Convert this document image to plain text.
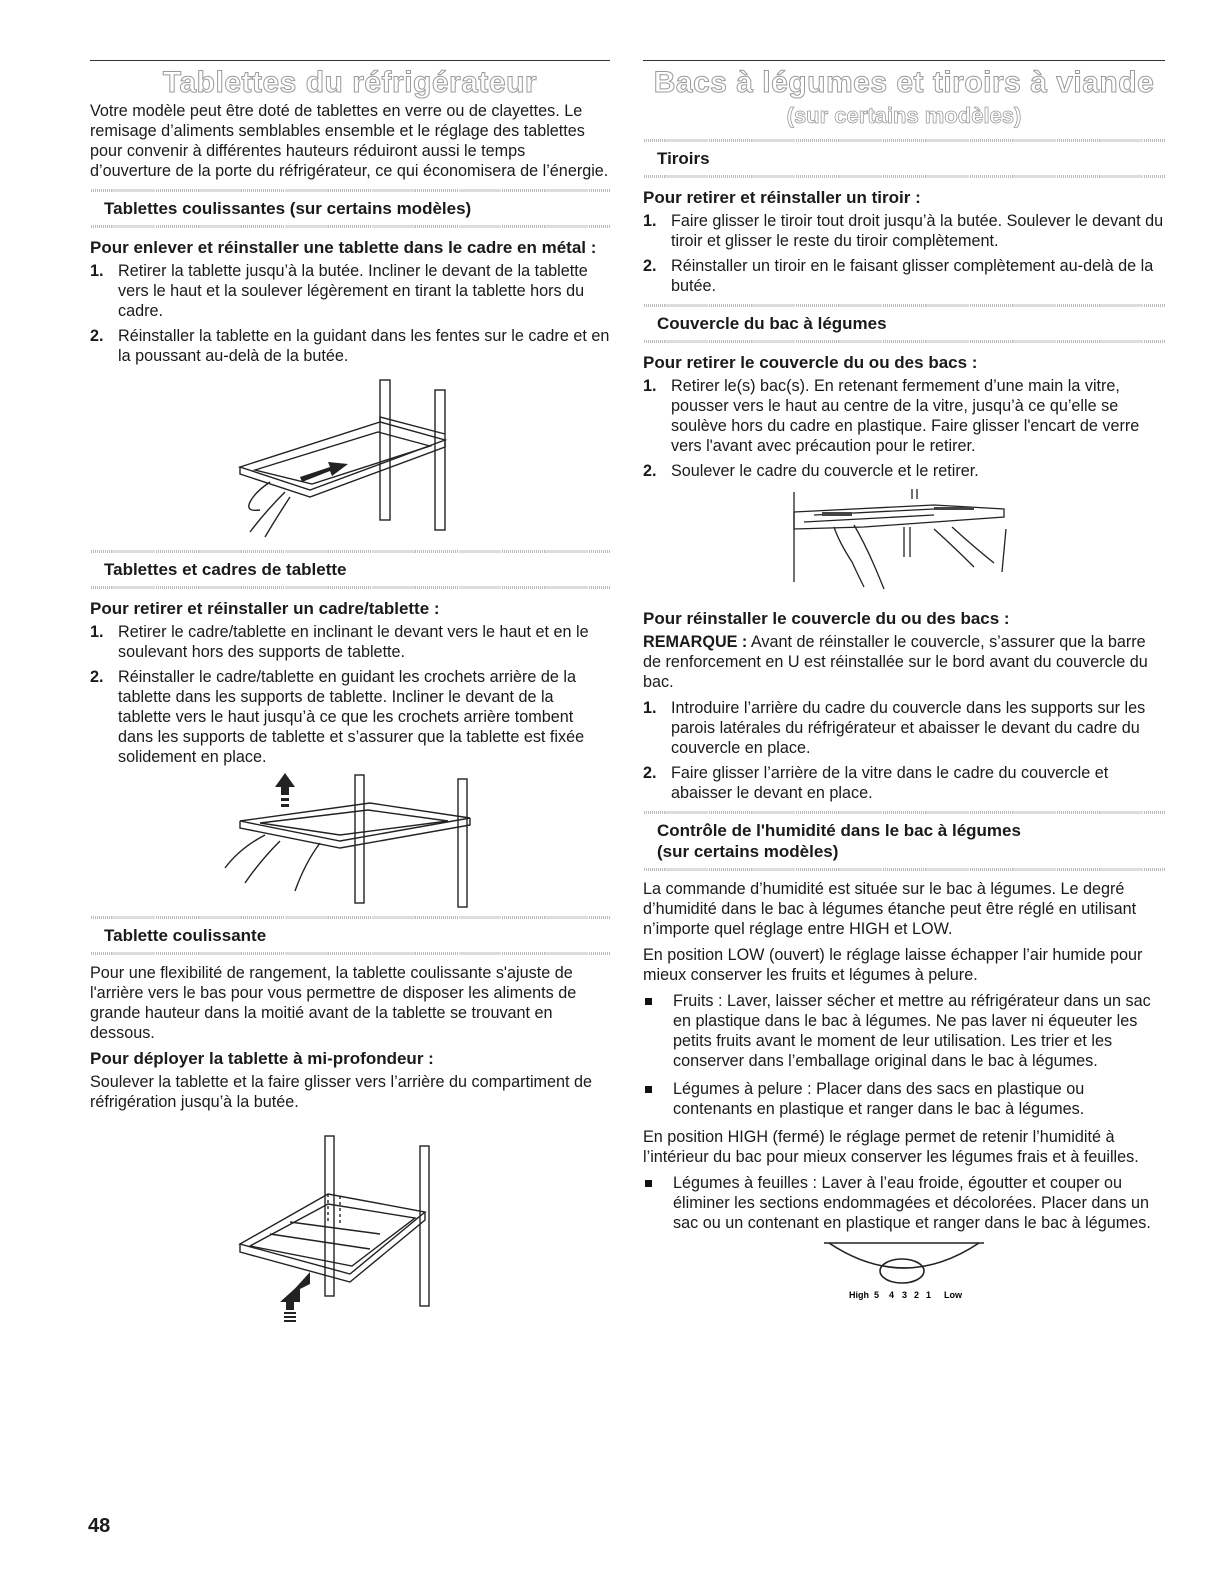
Tablettes du réfrigérateur

Votre modèle peut être doté de tablettes en verre ou de clayettes. Le remisage d’aliments semblables ensemble et le réglage des tablettes pour convenir à différentes hauteurs réduiront aussi le temps d’ouverture de la porte du réfrigérateur, ce qui économisera de l’énergie.

Tablettes coulissantes (sur certains modèles)
Pour enlever et réinstaller une tablette dans le cadre en métal :
1. Retirer la tablette jusqu’à la butée. Incliner le devant de la tablette vers le haut et la soulever légèrement en tirant la tablette hors du cadre.
2. Réinstaller la tablette en la guidant dans les fentes sur le cadre et en la poussant au-delà de la butée.
Tablettes et cadres de tablette
Pour retirer et réinstaller un cadre/tablette :
1. Retirer le cadre/tablette en inclinant le devant vers le haut et en le soulevant hors des supports de tablette.
2. Réinstaller le cadre/tablette en guidant les crochets arrière de la tablette dans les supports de tablette. Incliner le devant de la tablette vers le haut jusqu’à ce que les crochets arrière tombent dans les supports de tablette et s’assurer que la tablette est fixée solidement en place.
Tablette coulissante

Pour une flexibilité de rangement, la tablette coulissante s'ajuste de l'arrière vers le bas pour vous permettre de disposer les aliments de grande hauteur dans la moitié avant de la tablette se trouvant en dessous.

Pour déployer la tablette à mi-profondeur :

Soulever la tablette et la faire glisser vers l’arrière du compartiment de réfrigération jusqu’à la butée.

Bacs à légumes et tiroirs à viande
(sur certains modèles)
Tiroirs
Pour retirer et réinstaller un tiroir :
1. Faire glisser le tiroir tout droit jusqu’à la butée. Soulever le devant du tiroir et glisser le reste du tiroir complètement.
2. Réinstaller un tiroir en le faisant glisser complètement au-delà de la butée.
Couvercle du bac à légumes
Pour retirer le couvercle du ou des bacs :
1. Retirer le(s) bac(s). En retenant fermement d’une main la vitre, pousser vers le haut au centre de la vitre, jusqu’à ce qu’elle se soulève hors du cadre en plastique. Faire glisser l'encart de verre vers l'avant avec précaution pour le retirer.
2. Soulever le cadre du couvercle et le retirer.
Pour réinstaller le couvercle du ou des bacs :

REMARQUE : Avant de réinstaller le couvercle, s’assurer que la barre de renforcement en U est réinstallée sur le bord avant du couvercle du bac.

1. Introduire l’arrière du cadre du couvercle dans les supports sur les parois latérales du réfrigérateur et abaisser le devant du cadre du couvercle en place.
2. Faire glisser l’arrière de la vitre dans le cadre du couvercle et abaisser le devant en place.
Contrôle de l'humidité dans le bac à légumes
(sur certains modèles)

La commande d’humidité est située sur le bac à légumes. Le degré d’humidité dans le bac à légumes étanche peut être réglé en utilisant n’importe quel réglage entre HIGH et LOW.

En position LOW (ouvert) le réglage laisse échapper l’air humide pour mieux conserver les fruits et légumes à pelure.

Fruits : Laver, laisser sécher et mettre au réfrigérateur dans un sac en plastique dans le bac à légumes. Ne pas laver ni équeuter les petits fruits avant le moment de leur utilisation. Les trier et les conserver dans l’emballage original dans le bac à légumes.
Légumes à pelure : Placer dans des sacs en plastique ou contenants en plastique et ranger dans le bac à légumes.

En position HIGH (fermé) le réglage permet de retenir l’humidité à l’intérieur du bac pour mieux conserver les légumes frais et à feuilles.

Légumes à feuilles : Laver à l’eau froide, égoutter et couper ou éliminer les sections endommagées et décolorées. Placer dans un sac ou un contenant en plastique et ranger dans le bac à légumes.
High 5 4 3 2 1 Low
48
